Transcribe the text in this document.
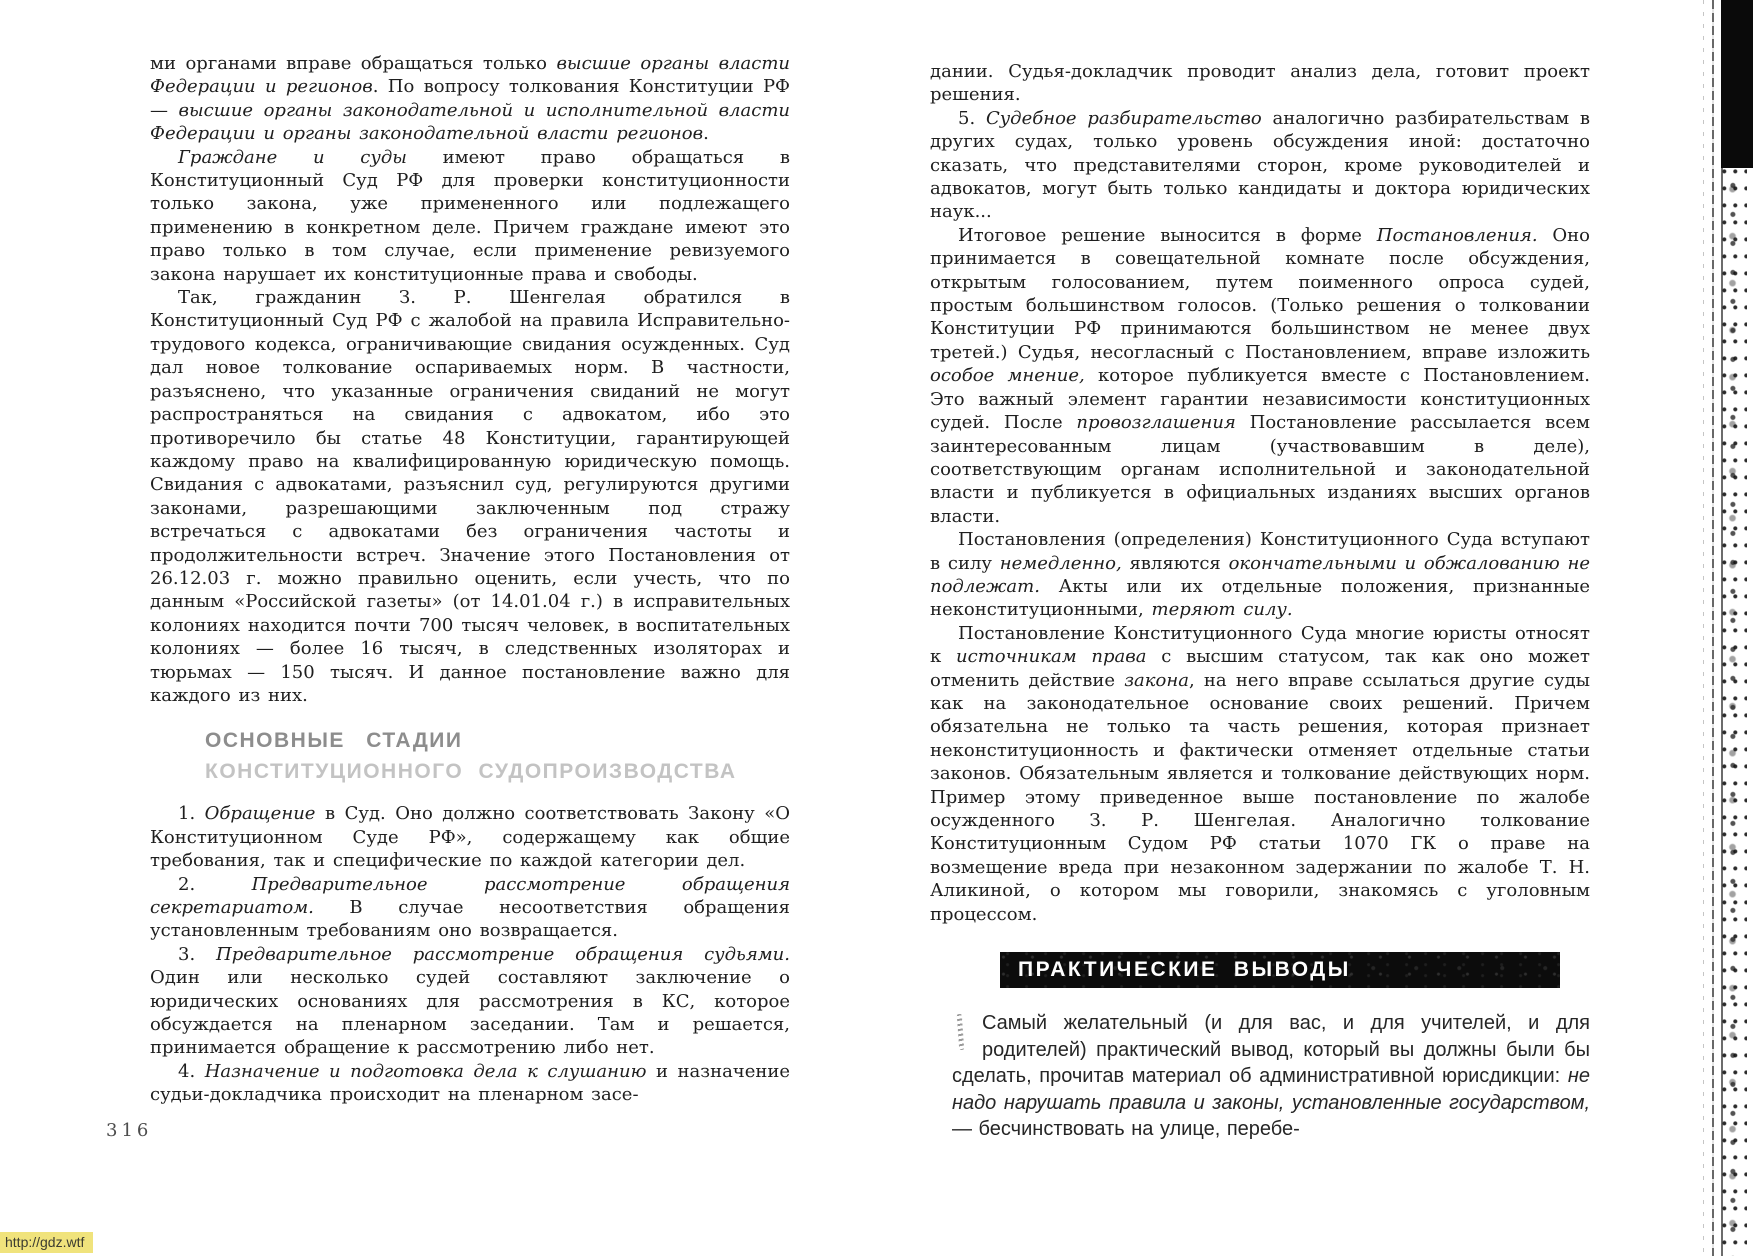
ми органами вправе обращаться только высшие органы власти Федерации и регионов. По вопросу толкования Конституции РФ — высшие органы законодательной и исполнительной власти Федерации и органы законодательной власти регионов.

Граждане и суды имеют право обращаться в Конституционный Суд РФ для проверки конституционности только закона, уже примененного или подлежащего применению в конкретном деле. Причем граждане имеют это право только в том случае, если применение ревизуемого закона нарушает их конституционные права и свободы.

Так, гражданин З. Р. Шенгелая обратился в Конституционный Суд РФ с жалобой на правила Исправительно-трудового кодекса, ограничивающие свидания осужденных. Суд дал новое толкование оспариваемых норм. В частности, разъяснено, что указанные ограничения свиданий не могут распространяться на свидания с адвокатом, ибо это противоречило бы статье 48 Конституции, гарантирующей каждому право на квалифицированную юридическую помощь. Свидания с адвокатами, разъяснил суд, регулируются другими законами, разрешающими заключенным под стражу встречаться с адвокатами без ограничения частоты и продолжительности встреч. Значение этого Постановления от 26.12.03 г. можно правильно оценить, если учесть, что по данным «Российской газеты» (от 14.01.04 г.) в исправительных колониях находится почти 700 тысяч человек, в воспитательных колониях — более 16 тысяч, в следственных изоляторах и тюрьмах — 150 тысяч. И данное постановление важно для каждого из них.

ОСНОВНЫЕ СТАДИИ
КОНСТИТУЦИОННОГО СУДОПРОИЗВОДСТВА

1. Обращение в Суд. Оно должно соответствовать Закону «О Конституционном Суде РФ», содержащему как общие требования, так и специфические по каждой категории дел.

2. Предварительное рассмотрение обращения секретариатом. В случае несоответствия обращения установленным требованиям оно возвращается.

3. Предварительное рассмотрение обращения судьями. Один или несколько судей составляют заключение о юридических основаниях для рассмотрения в КС, которое обсуждается на пленарном заседании. Там и решается, принимается обращение к рассмотрению либо нет.

4. Назначение и подготовка дела к слушанию и назначение судьи-докладчика происходит на пленарном засе-

дании. Судья-докладчик проводит анализ дела, готовит проект решения.

5. Судебное разбирательство аналогично разбирательствам в других судах, только уровень обсуждения иной: достаточно сказать, что представителями сторон, кроме руководителей и адвокатов, могут быть только кандидаты и доктора юридических наук...

Итоговое решение выносится в форме Постановления. Оно принимается в совещательной комнате после обсуждения, открытым голосованием, путем поименного опроса судей, простым большинством голосов. (Только решения о толковании Конституции РФ принимаются большинством не менее двух третей.) Судья, несогласный с Постановлением, вправе изложить особое мнение, которое публикуется вместе с Постановлением. Это важный элемент гарантии независимости конституционных судей. После провозглашения Постановление рассылается всем заинтересованным лицам (участвовавшим в деле), соответствующим органам исполнительной и законодательной власти и публикуется в официальных изданиях высших органов власти.

Постановления (определения) Конституционного Суда вступают в силу немедленно, являются окончательными и обжалованию не подлежат. Акты или их отдельные положения, признанные неконституционными, теряют силу.

Постановление Конституционного Суда многие юристы относят к источникам права с высшим статусом, так как оно может отменить действие закона, на него вправе ссылаться другие суды как на законодательное основание своих решений. Причем обязательна не только та часть решения, которая признает неконституционность и фактически отменяет отдельные статьи законов. Обязательным является и толкование действующих норм. Пример этому приведенное выше постановление по жалобе осужденного З. Р. Шенгелая. Аналогично толкование Конституционным Судом РФ статьи 1070 ГК о праве на возмещение вреда при незаконном задержании по жалобе Т. Н. Аликиной, о котором мы говорили, знакомясь с уголовным процессом.

ПРАКТИЧЕСКИЕ ВЫВОДЫ

Самый желательный (и для вас, и для учителей, и для родителей) практический вывод, который вы должны были бы сделать, прочитав материал об административной юрисдикции: не надо нарушать правила и законы, установленные государством, — бесчинствовать на улице, перебе-

316
http://gdz.wtf
